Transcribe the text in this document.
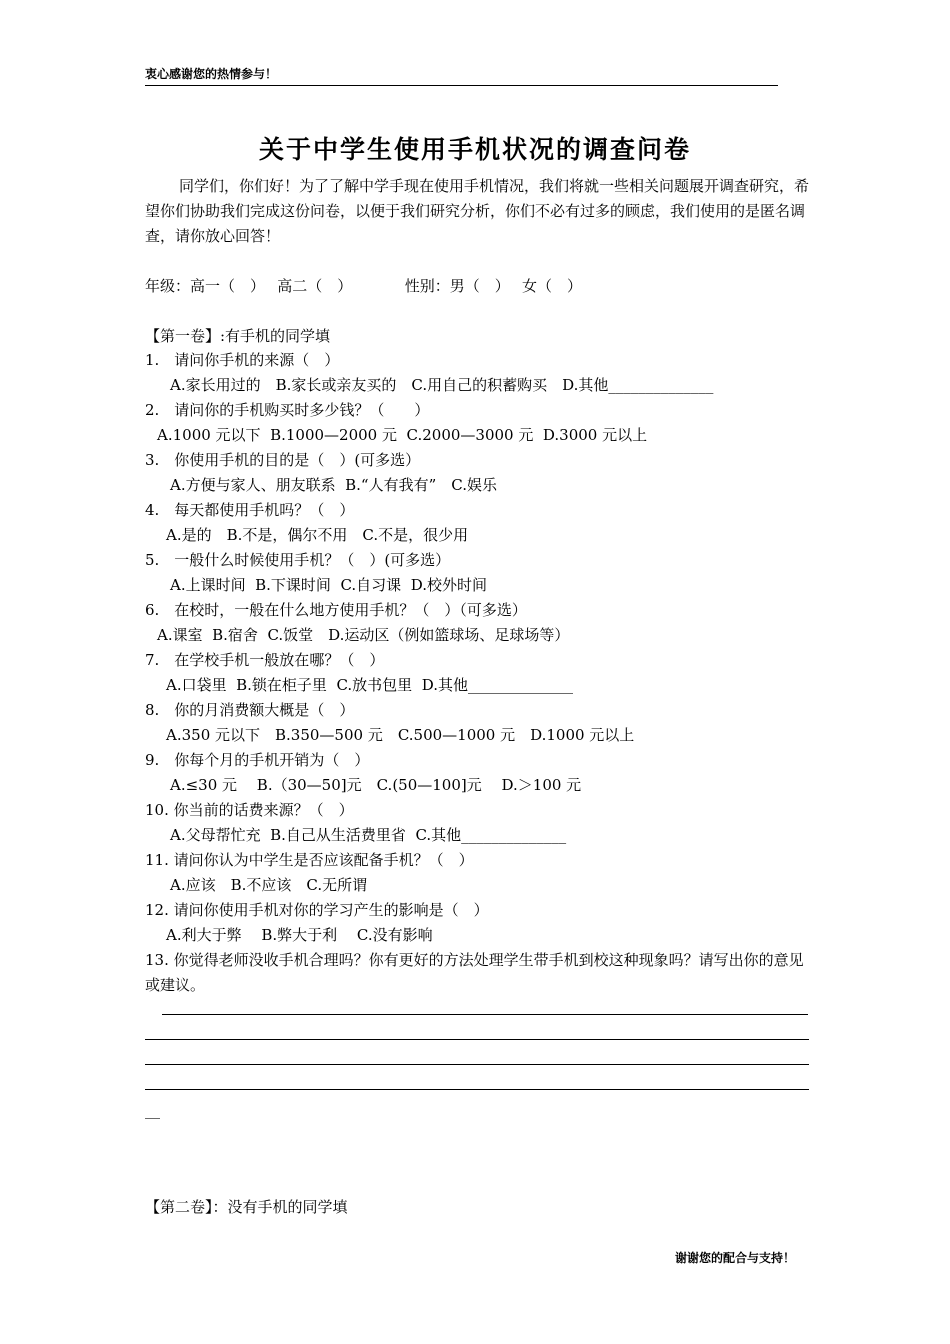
衷心感谢您的热情参与！
关于中学生使用手机状况的调查问卷
同学们，你们好！为了了解中学手现在使用手机情况，我们将就一些相关问题展开调查研究，希望你们协助我们完成这份问卷，以便于我们研究分析，你们不必有过多的顾虑，我们使用的是匿名调查，请你放心回答！
年级：高一（　）　 高二（　）　　　　性别：男（　）　 女（　）
【第一卷】:有手机的同学填
1.　请问你手机的来源（　）
A.家长用过的　B.家长或亲友买的　C.用自己的积蓄购买　D.其他______________
2.　请问你的手机购买时多少钱？（　　）
A.1000 元以下  B.1000—2000 元  C.2000—3000 元  D.3000 元以上
3.　你使用手机的目的是（　）(可多选）
A.方便与家人、朋友联系  B.“人有我有”　C.娱乐
4.　每天都使用手机吗？（　）
A.是的　B.不是，偶尔不用　C.不是，很少用
5.　一般什么时候使用手机？（　）(可多选）
A.上课时间  B.下课时间  C.自习课  D.校外时间
6.　在校时，一般在什么地方使用手机？（　）（可多选）
A.课室  B.宿舍  C.饭堂　D.运动区（例如篮球场、足球场等）
7.　在学校手机一般放在哪？（　）
A.口袋里  B.锁在柜子里  C.放书包里  D.其他______________
8.　你的月消费额大概是（　）
A.350 元以下　B.350—500 元　C.500—1000 元　D.1000 元以上
9.　你每个月的手机开销为（　）
A.≤30 元　 B.（30—50]元　C.(50—100]元　 D.＞100 元
10. 你当前的话费来源？（　）
A.父母帮忙充  B.自己从生活费里省  C.其他______________
11. 请问你认为中学生是否应该配备手机？（　）
A.应该　B.不应该　C.无所谓
12. 请问你使用手机对你的学习产生的影响是（　）
A.利大于弊　 B.弊大于利　 C.没有影响
13. 你觉得老师没收手机合理吗？你有更好的方法处理学生带手机到校这种现象吗？请写出你的意见或建议。
__
【第二卷】：没有手机的同学填
谢谢您的配合与支持！
